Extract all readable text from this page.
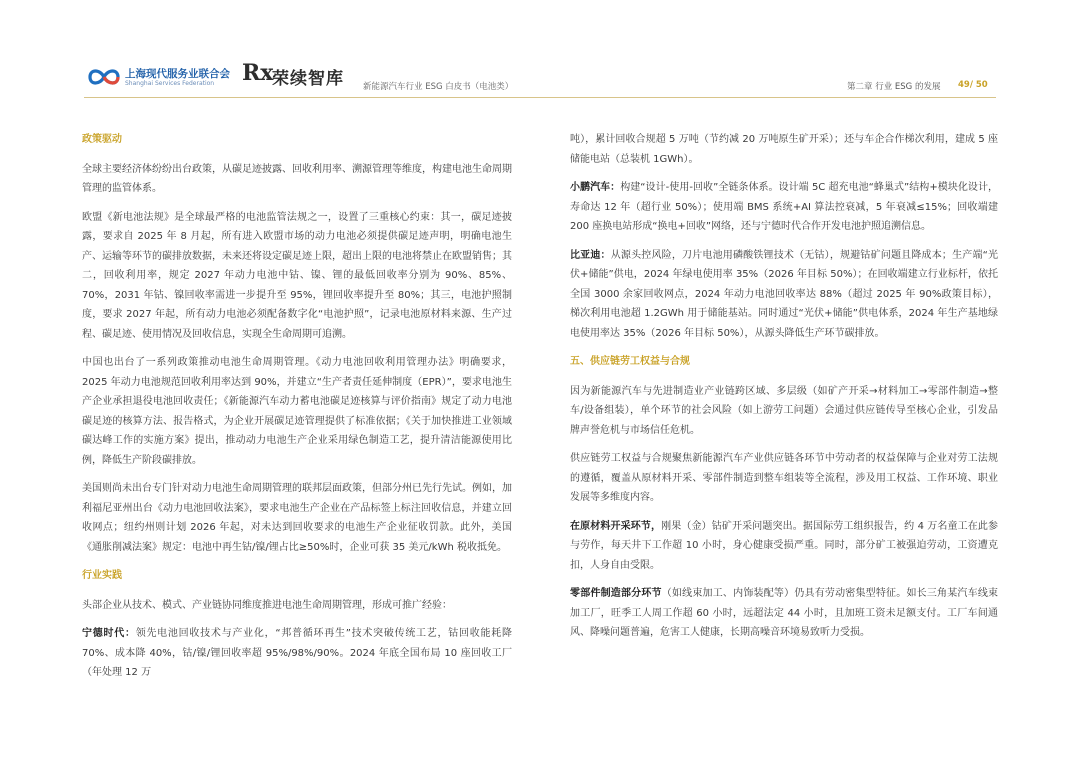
上海现代服务业联合会
Shanghai Services Federation Rx
荣续智库 新能源汽车行业 ESG 白皮书（电池类）	第二章 行业 ESG 的发展 49/ 50

政策驱动

全球主要经济体纷纷出台政策，从碳足迹披露、回收利用率、溯源管理等维度，构建电池生命周期管理的监管体系。

欧盟《新电池法规》是全球最严格的电池监管法规之一，设置了三重核心约束：其一，碳足迹披露，要求自 2025 年 8 月起，所有进入欧盟市场的动力电池必须提供碳足迹声明，明确电池生产、运输等环节的碳排放数据，未来还将设定碳足迹上限，超出上限的电池将禁止在欧盟销售；其二，回收利用率，规定 2027 年动力电池中钴、镍、锂的最低回收率分别为 90%、85%、70%，2031 年钴、镍回收率需进一步提升至 95%，锂回收率提升至 80%；其三，电池护照制度，要求 2027 年起，所有动力电池必须配备数字化“电池护照”，记录电池原材料来源、生产过程、碳足迹、使用情况及回收信息，实现全生命周期可追溯。

中国也出台了一系列政策推动电池生命周期管理。《动力电池回收利用管理办法》明确要求，2025 年动力电池规范回收利用率达到 90%，并建立“生产者责任延伸制度（EPR）”，要求电池生产企业承担退役电池回收责任；《新能源汽车动力蓄电池碳足迹核算与评价指南》规定了动力电池碳足迹的核算方法、报告格式，为企业开展碳足迹管理提供了标准依据；《关于加快推进工业领域碳达峰工作的实施方案》提出，推动动力电池生产企业采用绿色制造工艺，提升清洁能源使用比例，降低生产阶段碳排放。

美国则尚未出台专门针对动力电池生命周期管理的联邦层面政策，但部分州已先行先试。例如，加利福尼亚州出台《动力电池回收法案》，要求电池生产企业在产品标签上标注回收信息，并建立回收网点；纽约州则计划 2026 年起，对未达到回收要求的电池生产企业征收罚款。此外，美国《通胀削减法案》规定：电池中再生钴/镍/锂占比≥50%时，企业可获 35 美元/kWh 税收抵免。

行业实践

头部企业从技术、模式、产业链协同维度推进电池生命周期管理，形成可推广经验：

宁德时代：领先电池回收技术与产业化，“邦普循环再生”技术突破传统工艺，钴回收能耗降 70%、成本降 40%，钴/镍/锂回收率超 95%/98%/90%。2024 年底全国布局 10 座回收工厂（年处理 12 万

吨），累计回收合规超 5 万吨（节约减 20 万吨原生矿开采）；还与车企合作梯次利用，建成 5 座储能电站（总装机 1GWh）。

小鹏汽车：构建“设计-使用-回收”全链条体系。设计端 5C 超充电池“蜂巢式”结构+模块化设计，寿命达 12 年（超行业 50%）；使用端 BMS 系统+AI 算法控衰减，5 年衰减≤15%；回收端建 200 座换电站形成“换电+回收”网络，还与宁德时代合作开发电池护照追溯信息。

比亚迪：从源头控风险，刀片电池用磷酸铁锂技术（无钴），规避钴矿问题且降成本；生产端“光伏+储能”供电，2024 年绿电使用率 35%（2026 年目标 50%）；在回收端建立行业标杆，依托全国 3000 余家回收网点，2024 年动力电池回收率达 88%（超过 2025 年 90%政策目标），梯次利用电池超 1.2GWh 用于储能基站。同时通过“光伏+储能”供电体系，2024 年生产基地绿电使用率达 35%（2026 年目标 50%），从源头降低生产环节碳排放。

五、供应链劳工权益与合规

因为新能源汽车与先进制造业产业链跨区域、多层级（如矿产开采→材料加工→零部件制造→整车/设备组装），单个环节的社会风险（如上游劳工问题）会通过供应链传导至核心企业，引发品牌声誉危机与市场信任危机。

供应链劳工权益与合规聚焦新能源汽车产业供应链各环节中劳动者的权益保障与企业对劳工法规的遵循，覆盖从原材料开采、零部件制造到整车组装等全流程，涉及用工权益、工作环境、职业发展等多维度内容。

在原材料开采环节，刚果（金）钴矿开采问题突出。据国际劳工组织报告，约 4 万名童工在此参与劳作，每天井下工作超 10 小时，身心健康受损严重。同时，部分矿工被强迫劳动，工资遭克扣，人身自由受限。

零部件制造部分环节（如线束加工、内饰装配等）仍具有劳动密集型特征。如长三角某汽车线束加工厂，旺季工人周工作超 60 小时，远超法定 44 小时，且加班工资未足额支付。工厂车间通风、降噪问题普遍，危害工人健康，长期高噪音环境易致听力受损。
